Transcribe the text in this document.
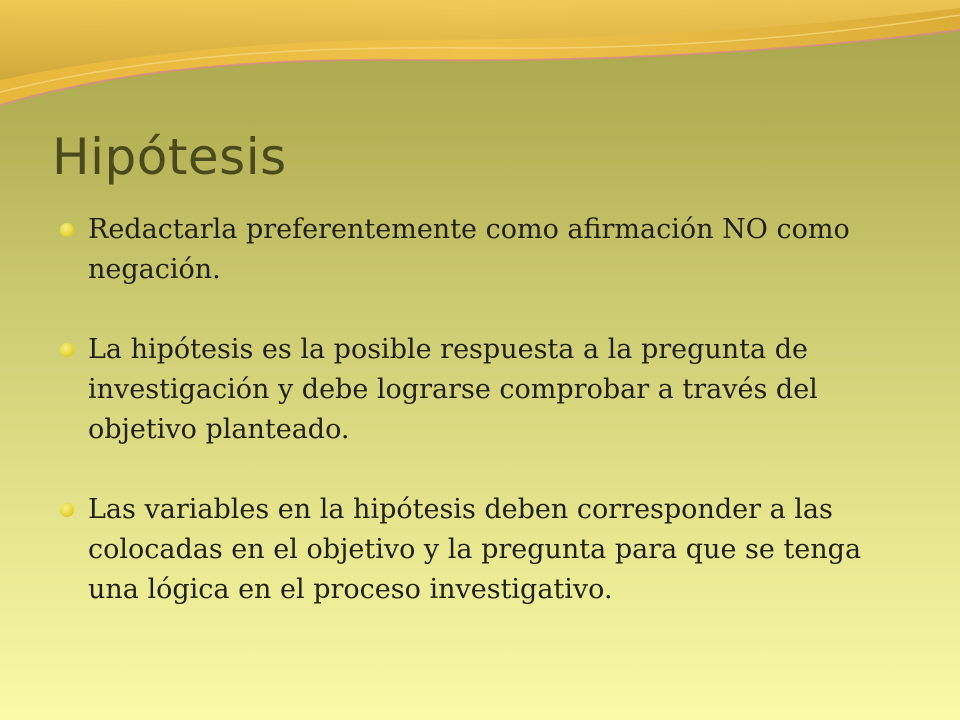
Hipótesis
Redactarla preferentemente como afirmación NO como negación.
La hipótesis es la posible respuesta a la pregunta de investigación y debe lograrse comprobar a través del objetivo planteado.
Las variables en la hipótesis deben corresponder a las colocadas en el objetivo y la pregunta para que se tenga una lógica en el proceso investigativo.
